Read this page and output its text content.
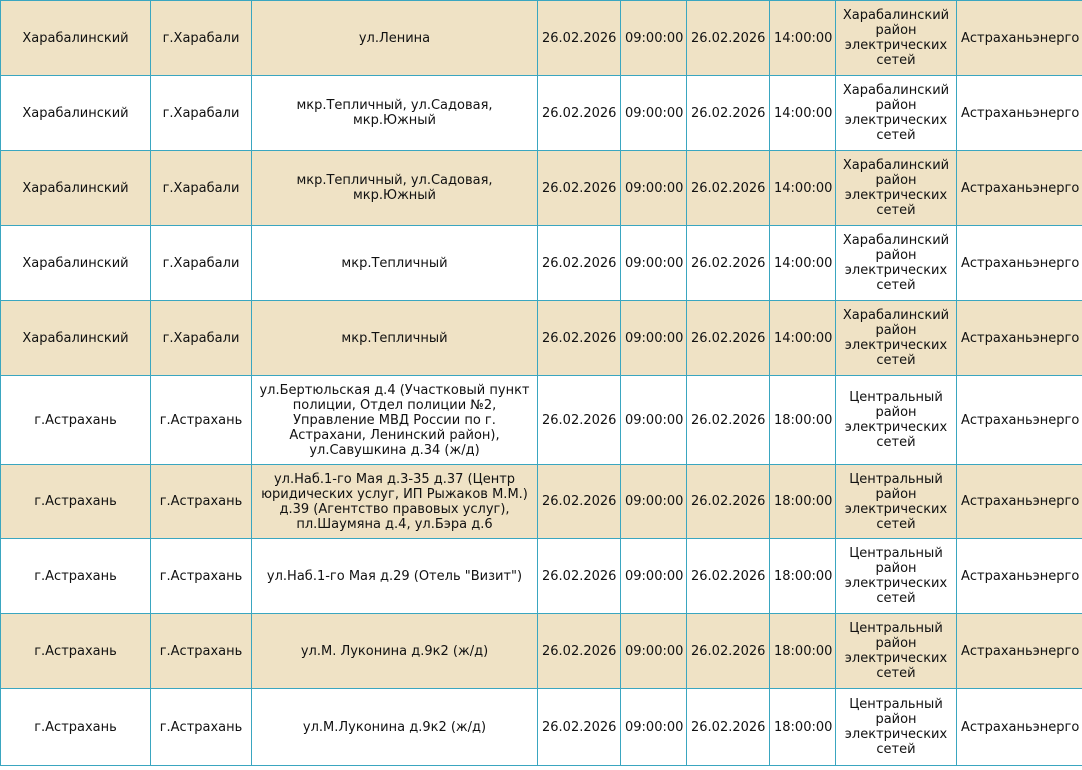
Харабалинский	г.Харабали	ул.Ленина	26.02.2026	09:00:00	26.02.2026	14:00:00	Харабалинский район электрических сетей	Астраханьэнерго
Харабалинский	г.Харабали	мкр.Тепличный, ул.Садовая, мкр.Южный	26.02.2026	09:00:00	26.02.2026	14:00:00	Харабалинский район электрических сетей	Астраханьэнерго
Харабалинский	г.Харабали	мкр.Тепличный, ул.Садовая, мкр.Южный	26.02.2026	09:00:00	26.02.2026	14:00:00	Харабалинский район электрических сетей	Астраханьэнерго
Харабалинский	г.Харабали	мкр.Тепличный	26.02.2026	09:00:00	26.02.2026	14:00:00	Харабалинский район электрических сетей	Астраханьэнерго
Харабалинский	г.Харабали	мкр.Тепличный	26.02.2026	09:00:00	26.02.2026	14:00:00	Харабалинский район электрических сетей	Астраханьэнерго
г.Астрахань	г.Астрахань	ул.Бертюльская д.4 (Участковый пункт полиции, Отдел полиции №2, Управление МВД России по г. Астрахани, Ленинский район), ул.Савушкина д.34 (ж/д)	26.02.2026	09:00:00	26.02.2026	18:00:00	Центральный район электрических сетей	Астраханьэнерго
г.Астрахань	г.Астрахань	ул.Наб.1-го Мая д.3-35 д.37 (Центр юридических услуг, ИП Рыжаков М.М.) д.39 (Агентство правовых услуг), пл.Шаумяна д.4, ул.Бэра д.6	26.02.2026	09:00:00	26.02.2026	18:00:00	Центральный район электрических сетей	Астраханьэнерго
г.Астрахань	г.Астрахань	ул.Наб.1-го Мая д.29 (Отель "Визит")	26.02.2026	09:00:00	26.02.2026	18:00:00	Центральный район электрических сетей	Астраханьэнерго
г.Астрахань	г.Астрахань	ул.М. Луконина д.9к2 (ж/д)	26.02.2026	09:00:00	26.02.2026	18:00:00	Центральный район электрических сетей	Астраханьэнерго
г.Астрахань	г.Астрахань	ул.М.Луконина д.9к2 (ж/д)	26.02.2026	09:00:00	26.02.2026	18:00:00	Центральный район электрических сетей	Астраханьэнерго
